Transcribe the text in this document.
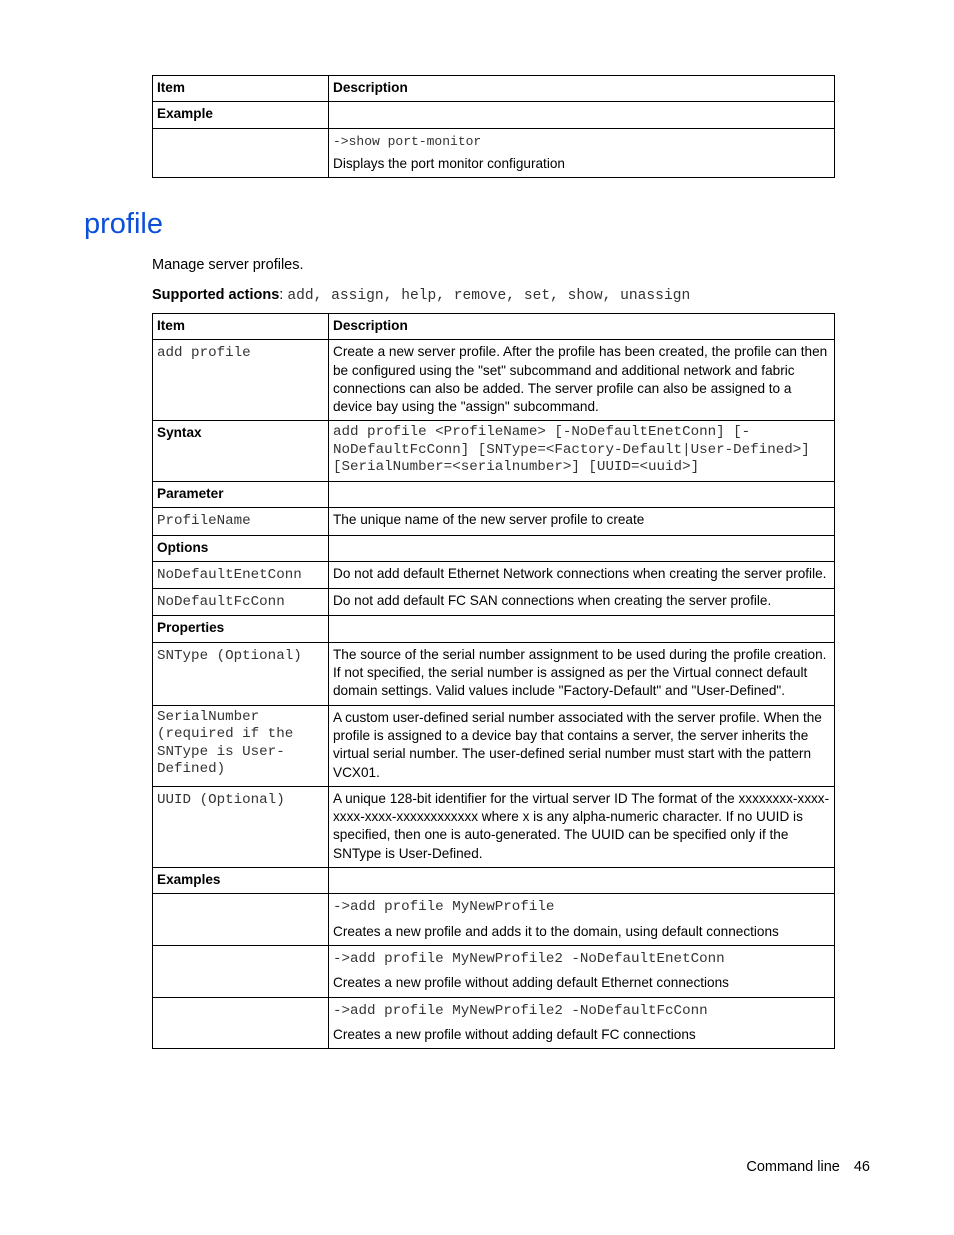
Item	Description
Example	

	->show port-monitor
Displays the port monitor configuration
profile
Manage server profiles.
Supported actions: add, assign, help, remove, set, show, unassign
Item	Description
add profile	Create a new server profile. After the profile has been created, the profile can then be configured using the "set" subcommand and additional network and fabric connections can also be added. The server profile can also be assigned to a device bay using the "assign" subcommand.
Syntax	add profile <ProfileName> [-NoDefaultEnetConn] [-NoDefaultFcConn] [SNType=<Factory-Default|User-Defined>] [SerialNumber=<serialnumber>] [UUID=<uuid>]

Parameter	
ProfileName	The unique name of the new server profile to create
Options	
NoDefaultEnetConn	Do not add default Ethernet Network connections when creating the server profile.
NoDefaultFcConn	Do not add default FC SAN connections when creating the server profile.
Properties	
SNType (Optional)	The source of the serial number assignment to be used during the profile creation. If not specified, the serial number is assigned as per the Virtual connect default domain settings. Valid values include "Factory-Default" and "User-Defined".

SerialNumber (required if the SNType is User-Defined)	A custom user-defined serial number associated with the server profile. When the profile is assigned to a device bay that contains a server, the server inherits the virtual serial number. The user-defined serial number must start with the pattern VCX01.
UUID (Optional)	A unique 128-bit identifier for the virtual server ID The format of the xxxxxxxx-xxxx-xxxx-xxxx-xxxxxxxxxxxx where x is any alpha-numeric character. If no UUID is specified, then one is auto-generated. The UUID can be specified only if the SNType is User-Defined.
Examples	

	->add profile MyNewProfile
Creates a new profile and adds it to the domain, using default connections

	->add profile MyNewProfile2 -NoDefaultEnetConn
Creates a new profile without adding default Ethernet connections

	->add profile MyNewProfile2 -NoDefaultFcConn
Creates a new profile without adding default FC connections
Command line 46
